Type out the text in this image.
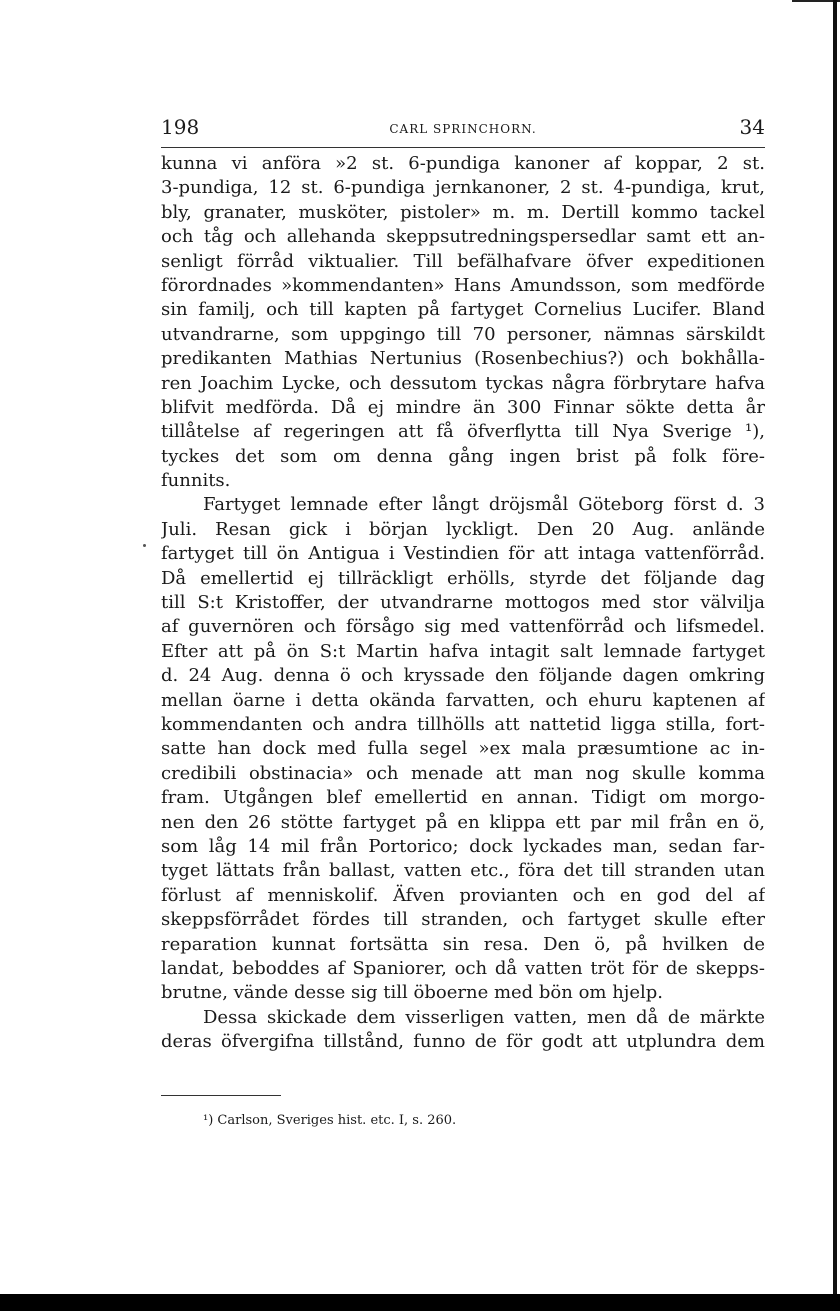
198	CARL SPRINCHORN.	34
kunna vi anföra »2 st. 6-pundiga kanoner af koppar, 2 st.
3-pundiga, 12 st. 6-pundiga jernkanoner, 2 st. 4-pundiga, krut,
bly, granater, musköter, pistoler» m. m. Dertill kommo tackel
och tåg och allehanda skeppsutredningspersedlar samt ett an-
senligt förråd viktualier. Till befälhafvare öfver expeditionen
förordnades »kommendanten» Hans Amundsson, som medförde
sin familj, och till kapten på fartyget Cornelius Lucifer. Bland
utvandrarne, som uppgingo till 70 personer, nämnas särskildt
predikanten Mathias Nertunius (Rosenbechius?) och bokhålla-
ren Joachim Lycke, och dessutom tyckas några förbrytare hafva
blifvit medförda. Då ej mindre än 300 Finnar sökte detta år
tillåtelse af regeringen att få öfverflytta till Nya Sverige ¹),
tyckes det som om denna gång ingen brist på folk före-
funnits.
Fartyget lemnade efter långt dröjsmål Göteborg först d. 3
Juli. Resan gick i början lyckligt. Den 20 Aug. anlände
fartyget till ön Antigua i Vestindien för att intaga vattenförråd.
Då emellertid ej tillräckligt erhölls, styrde det följande dag
till S:t Kristoffer, der utvandrarne mottogos med stor välvilja
af guvernören och försågo sig med vattenförråd och lifsmedel.
Efter att på ön S:t Martin hafva intagit salt lemnade fartyget
d. 24 Aug. denna ö och kryssade den följande dagen omkring
mellan öarne i detta okända farvatten, och ehuru kaptenen af
kommendanten och andra tillhölls att nattetid ligga stilla, fort-
satte han dock med fulla segel »ex mala præsumtione ac in-
credibili obstinacia» och menade att man nog skulle komma
fram. Utgången blef emellertid en annan. Tidigt om morgo-
nen den 26 stötte fartyget på en klippa ett par mil från en ö,
som låg 14 mil från Portorico; dock lyckades man, sedan far-
tyget lättats från ballast, vatten etc., föra det till stranden utan
förlust af menniskolif. Äfven provianten och en god del af
skeppsförrådet fördes till stranden, och fartyget skulle efter
reparation kunnat fortsätta sin resa. Den ö, på hvilken de
landat, beboddes af Spaniorer, och då vatten tröt för de skepps-
brutne, vände desse sig till öboerne med bön om hjelp.
Dessa skickade dem visserligen vatten, men då de märkte
deras öfvergifna tillstånd, funno de för godt att utplundra dem
¹) Carlson, Sveriges hist. etc. I, s. 260.
